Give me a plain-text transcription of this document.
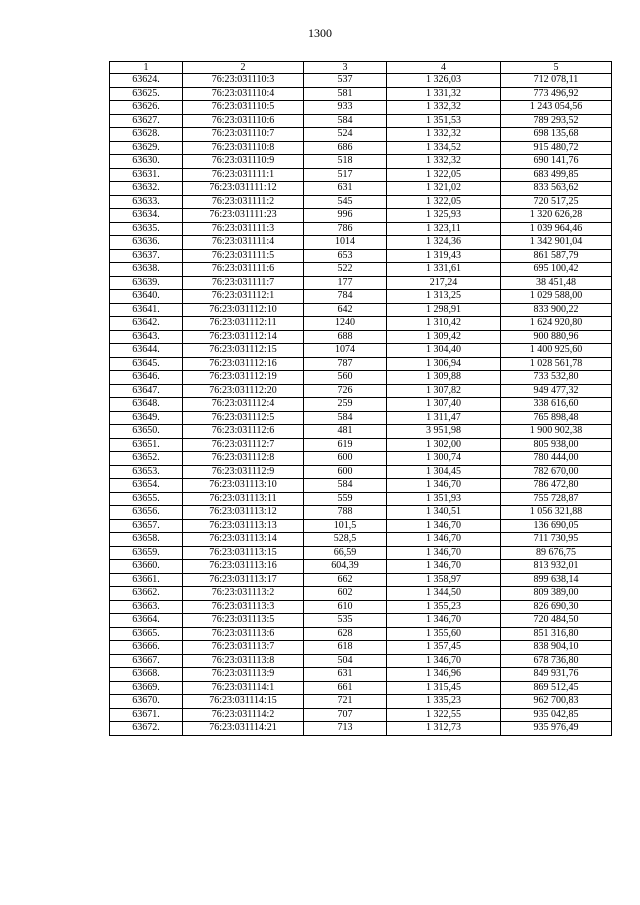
1300
1	2	3	4	5
63624.	76:23:031110:3	537	1 326,03	712 078,11
63625.	76:23:031110:4	581	1 331,32	773 496,92
63626.	76:23:031110:5	933	1 332,32	1 243 054,56
63627.	76:23:031110:6	584	1 351,53	789 293,52
63628.	76:23:031110:7	524	1 332,32	698 135,68
63629.	76:23:031110:8	686	1 334,52	915 480,72
63630.	76:23:031110:9	518	1 332,32	690 141,76
63631.	76:23:031111:1	517	1 322,05	683 499,85
63632.	76:23:031111:12	631	1 321,02	833 563,62
63633.	76:23:031111:2	545	1 322,05	720 517,25
63634.	76:23:031111:23	996	1 325,93	1 320 626,28
63635.	76:23:031111:3	786	1 323,11	1 039 964,46
63636.	76:23:031111:4	1014	1 324,36	1 342 901,04
63637.	76:23:031111:5	653	1 319,43	861 587,79
63638.	76:23:031111:6	522	1 331,61	695 100,42
63639.	76:23:031111:7	177	217,24	38 451,48
63640.	76:23:031112:1	784	1 313,25	1 029 588,00
63641.	76:23:031112:10	642	1 298,91	833 900,22
63642.	76:23:031112:11	1240	1 310,42	1 624 920,80
63643.	76:23:031112:14	688	1 309,42	900 880,96
63644.	76:23:031112:15	1074	1 304,40	1 400 925,60
63645.	76:23:031112:16	787	1 306,94	1 028 561,78
63646.	76:23:031112:19	560	1 309,88	733 532,80
63647.	76:23:031112:20	726	1 307,82	949 477,32
63648.	76:23:031112:4	259	1 307,40	338 616,60
63649.	76:23:031112:5	584	1 311,47	765 898,48
63650.	76:23:031112:6	481	3 951,98	1 900 902,38
63651.	76:23:031112:7	619	1 302,00	805 938,00
63652.	76:23:031112:8	600	1 300,74	780 444,00
63653.	76:23:031112:9	600	1 304,45	782 670,00
63654.	76:23:031113:10	584	1 346,70	786 472,80
63655.	76:23:031113:11	559	1 351,93	755 728,87
63656.	76:23:031113:12	788	1 340,51	1 056 321,88
63657.	76:23:031113:13	101,5	1 346,70	136 690,05
63658.	76:23:031113:14	528,5	1 346,70	711 730,95
63659.	76:23:031113:15	66,59	1 346,70	89 676,75
63660.	76:23:031113:16	604,39	1 346,70	813 932,01
63661.	76:23:031113:17	662	1 358,97	899 638,14
63662.	76:23:031113:2	602	1 344,50	809 389,00
63663.	76:23:031113:3	610	1 355,23	826 690,30
63664.	76:23:031113:5	535	1 346,70	720 484,50
63665.	76:23:031113:6	628	1 355,60	851 316,80
63666.	76:23:031113:7	618	1 357,45	838 904,10
63667.	76:23:031113:8	504	1 346,70	678 736,80
63668.	76:23:031113:9	631	1 346,96	849 931,76
63669.	76:23:031114:1	661	1 315,45	869 512,45
63670.	76:23:031114:15	721	1 335,23	962 700,83
63671.	76:23:031114:2	707	1 322,55	935 042,85
63672.	76:23:031114:21	713	1 312,73	935 976,49
